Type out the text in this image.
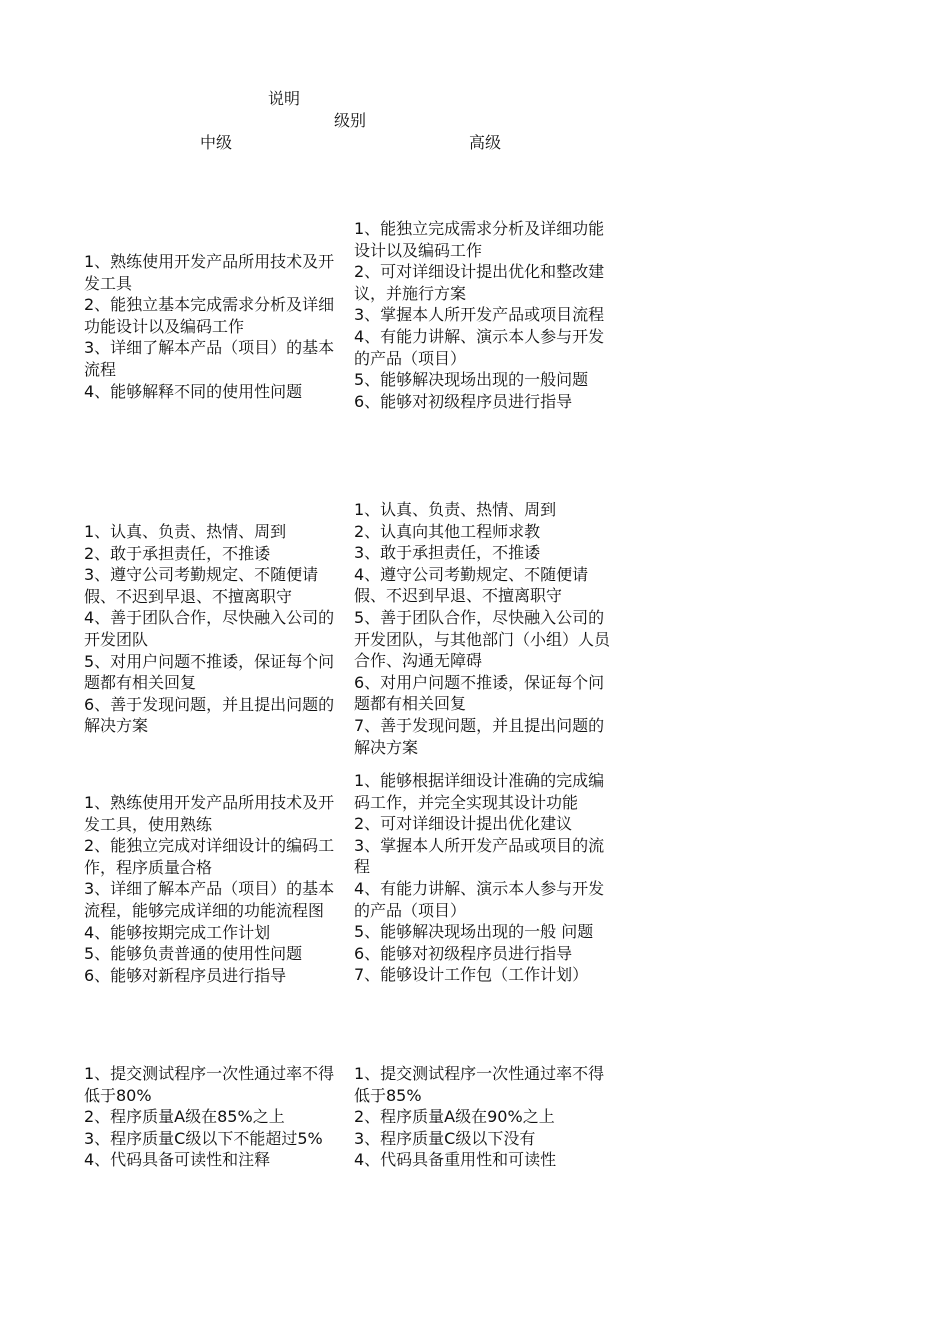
说明
级别
中级	高级
1、熟练使用开发产品所用技术及开发工具
2、能独立基本完成需求分析及详细功能设计以及编码工作
3、详细了解本产品（项目）的基本流程
4、能够解释不同的使用性问题
1、能独立完成需求分析及详细功能设计以及编码工作
2、可对详细设计提出优化和整改建议，并施行方案
3、掌握本人所开发产品或项目流程
4、有能力讲解、演示本人参与开发的产品（项目）
5、能够解决现场出现的一般问题
6、能够对初级程序员进行指导
1、认真、负责、热情、周到
2、敢于承担责任，不推诿
3、遵守公司考勤规定、不随便请假、不迟到早退、不擅离职守
4、善于团队合作，尽快融入公司的开发团队
5、对用户问题不推诿，保证每个问题都有相关回复
6、善于发现问题，并且提出问题的解决方案
1、认真、负责、热情、周到
2、认真向其他工程师求教
3、敢于承担责任，不推诿
4、遵守公司考勤规定、不随便请假、不迟到早退、不擅离职守
5、善于团队合作，尽快融入公司的开发团队，与其他部门（小组）人员合作、沟通无障碍
6、对用户问题不推诿，保证每个问题都有相关回复
7、善于发现问题，并且提出问题的解决方案
1、熟练使用开发产品所用技术及开发工具，使用熟练
2、能独立完成对详细设计的编码工作，程序质量合格
3、详细了解本产品（项目）的基本流程，能够完成详细的功能流程图
4、能够按期完成工作计划
5、能够负责普通的使用性问题
6、能够对新程序员进行指导
1、能够根据详细设计准确的完成编码工作，并完全实现其设计功能
2、可对详细设计提出优化建议
3、掌握本人所开发产品或项目的流程
4、有能力讲解、演示本人参与开发的产品（项目）
5、能够解决现场出现的一般 问题
6、能够对初级程序员进行指导
7、能够设计工作包（工作计划）
1、提交测试程序一次性通过率不得低于80%
2、程序质量A级在85%之上
3、程序质量C级以下不能超过5%
4、代码具备可读性和注释
1、提交测试程序一次性通过率不得低于85%
2、程序质量A级在90%之上
3、程序质量C级以下没有
4、代码具备重用性和可读性
